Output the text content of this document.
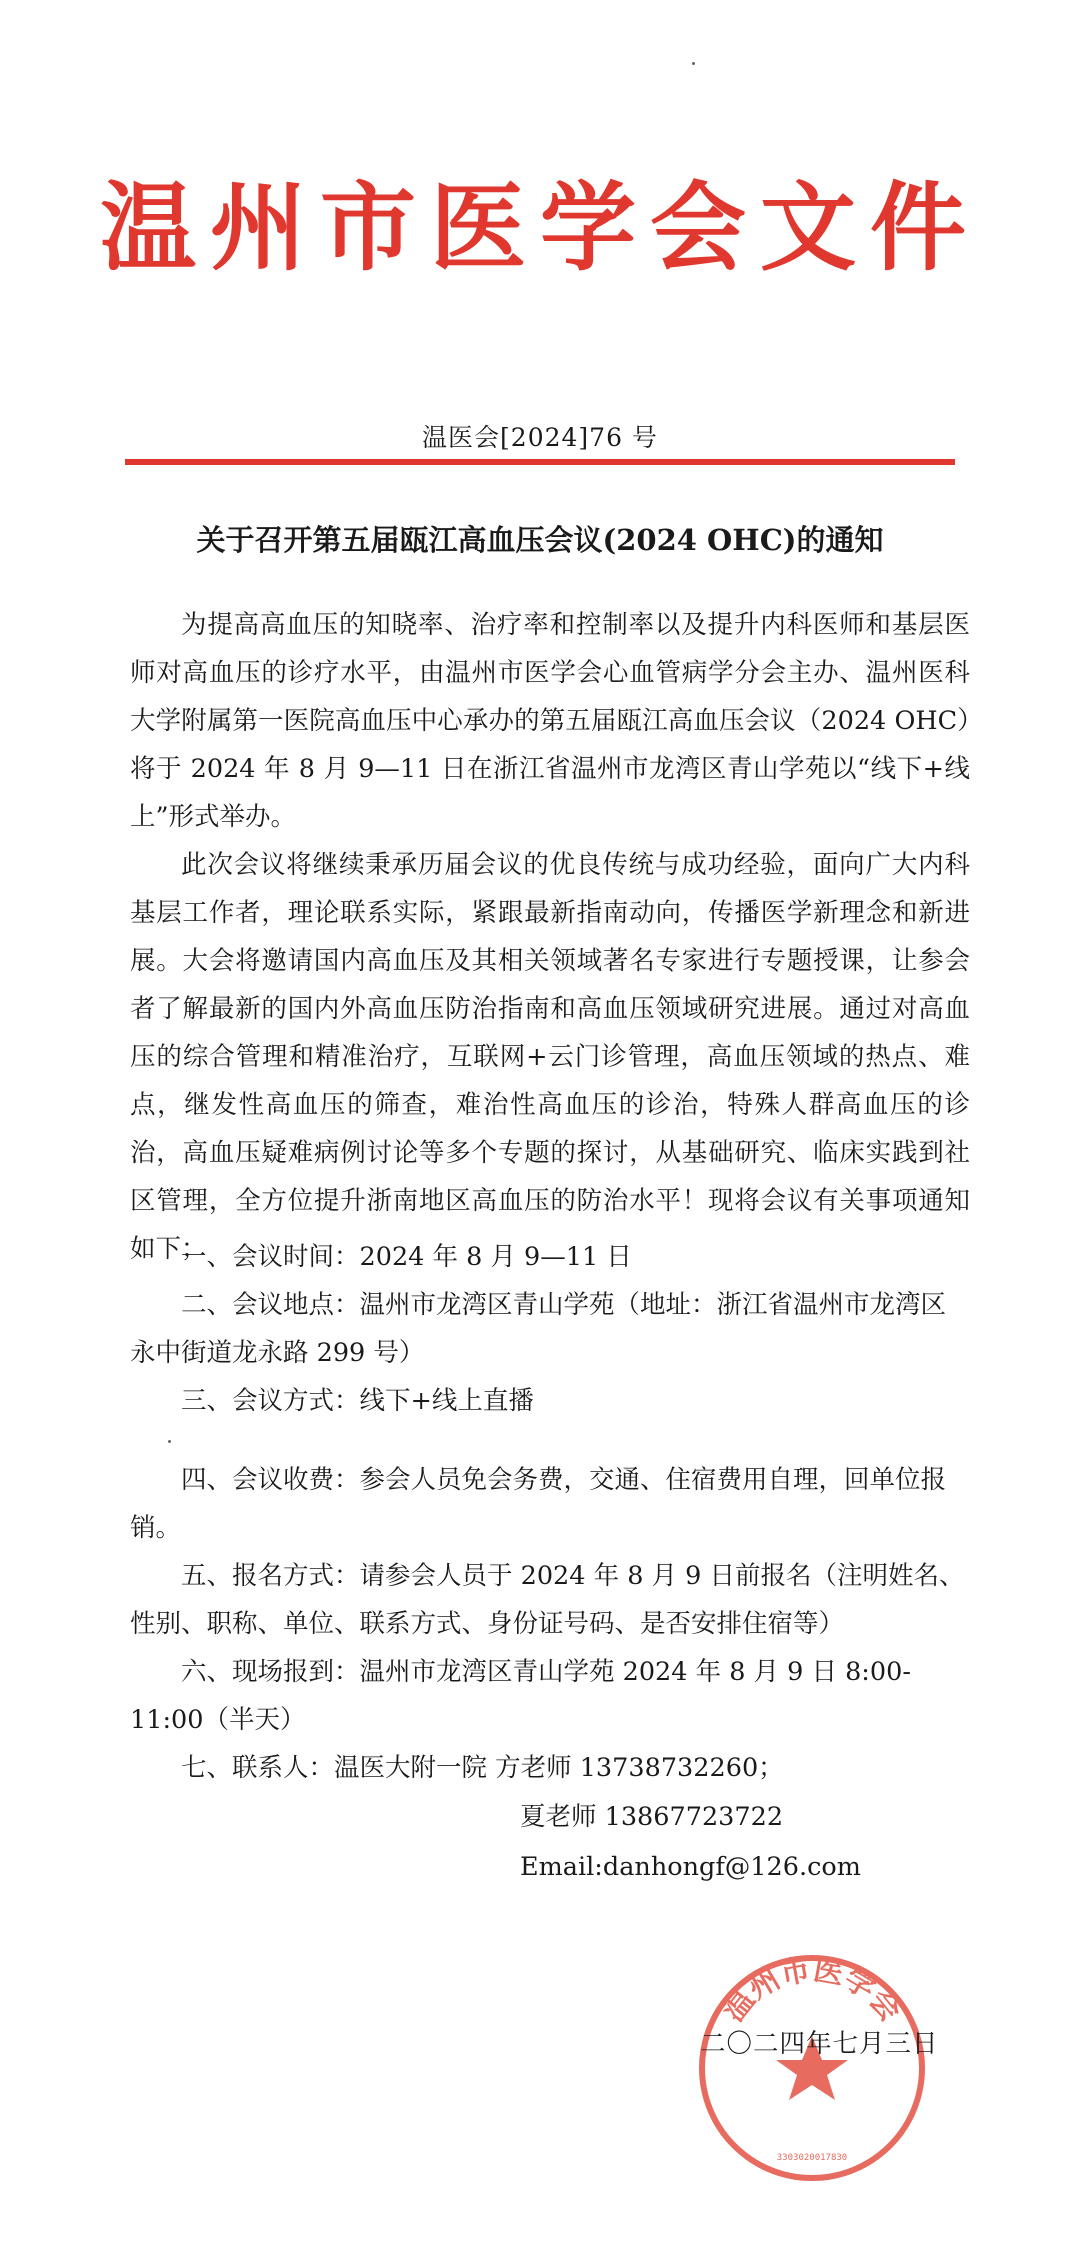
温州市医学会文件
温医会[2024]76 号
关于召开第五届瓯江高血压会议(2024 OHC)的通知

为提高高血压的知晓率、治疗率和控制率以及提升内科医师和基层医师对高血压的诊疗水平，由温州市医学会心血管病学分会主办、温州医科大学附属第一医院高血压中心承办的第五届瓯江高血压会议（2024 OHC）将于 2024 年 8 月 9—11 日在浙江省温州市龙湾区青山学苑以“线下+线上”形式举办。

此次会议将继续秉承历届会议的优良传统与成功经验，面向广大内科基层工作者，理论联系实际，紧跟最新指南动向，传播医学新理念和新进展。大会将邀请国内高血压及其相关领域著名专家进行专题授课，让参会者了解最新的国内外高血压防治指南和高血压领域研究进展。通过对高血压的综合管理和精准治疗，互联网+云门诊管理，高血压领域的热点、难点，继发性高血压的筛查，难治性高血压的诊治，特殊人群高血压的诊治，高血压疑难病例讨论等多个专题的探讨，从基础研究、临床实践到社区管理，全方位提升浙南地区高血压的防治水平！现将会议有关事项通知如下；

一、会议时间：2024 年 8 月 9—11 日
二、会议地点：温州市龙湾区青山学苑（地址：浙江省温州市龙湾区永中街道龙永路 299 号）
三、会议方式：线下+线上直播
四、会议收费：参会人员免会务费，交通、住宿费用自理，回单位报销。
五、报名方式：请参会人员于 2024 年 8 月 9 日前报名（注明姓名、性别、职称、单位、联系方式、身份证号码、是否安排住宿等）
六、现场报到：温州市龙湾区青山学苑 2024 年 8 月 9 日 8:00-11:00（半天）
七、联系人：温医大附一院 方老师 13738732260；
夏老师 13867723722
Email:danhongf@126.com
二〇二四年七月三日
温州市医学会
3303020017830
